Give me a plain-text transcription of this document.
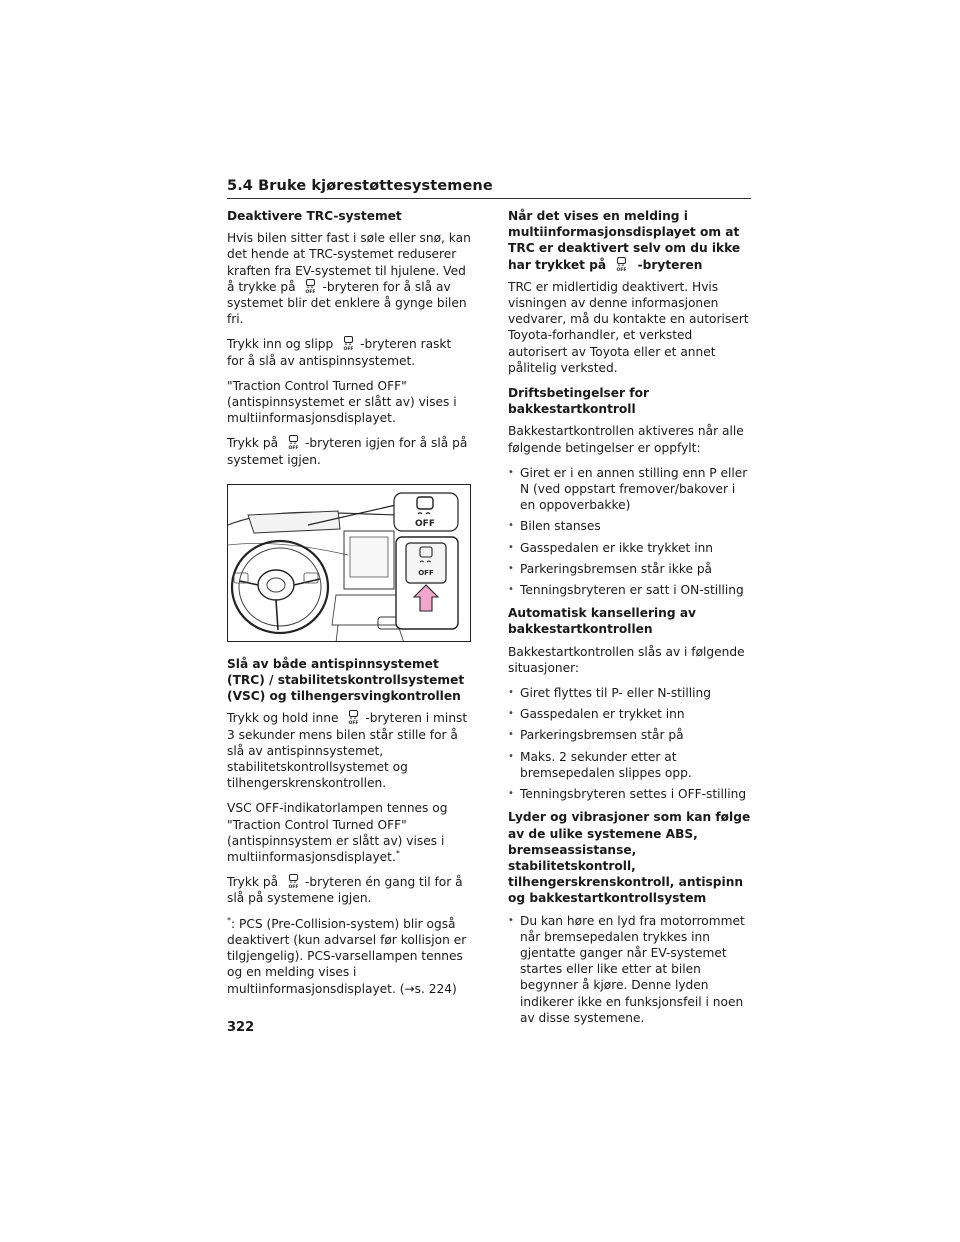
5.4 Bruke kjørestøttesystemene
Deaktivere TRC-systemet

Hvis bilen sitter fast i søle eller snø, kan det hende at TRC-systemet reduserer kraften fra EV-systemet til hjulene. Ved å trykke på OFF -bryteren for å slå av systemet blir det enklere å gynge bilen fri.

Trykk inn og slipp OFF -bryteren raskt for å slå av antispinnsystemet.

"Traction Control Turned OFF" (antispinnsystemet er slått av) vises i multiinformasjonsdisplayet.

Trykk på OFF -bryteren igjen for å slå på systemet igjen.

OFF
OFF
Slå av både antispinnsystemet (TRC) / stabilitetskontrollsystemet (VSC) og tilhengersvingkontrollen

Trykk og hold inne OFF -bryteren i minst 3 sekunder mens bilen står stille for å slå av antispinnsystemet, stabilitetskontrollsystemet og tilhengerskrenskontrollen.

VSC OFF-indikatorlampen tennes og "Traction Control Turned OFF" (antispinnsystem er slått av) vises i multiinformasjonsdisplayet.*

Trykk på OFF -bryteren én gang til for å slå på systemene igjen.

*: PCS (Pre-Collision-system) blir også deaktivert (kun advarsel før kollisjon er tilgjengelig). PCS-varsellampen tennes og en melding vises i multiinformasjonsdisplayet. (→s. 224)

Når det vises en melding i multiinformasjonsdisplayet om at TRC er deaktivert selv om du ikke har trykket på OFF -bryteren

TRC er midlertidig deaktivert. Hvis visningen av denne informasjonen vedvarer, må du kontakte en autorisert Toyota-forhandler, et verksted autorisert av Toyota eller et annet pålitelig verksted.

Driftsbetingelser for bakkestartkontroll

Bakkestartkontrollen aktiveres når alle følgende betingelser er oppfylt:

• Giret er i en annen stilling enn P eller N (ved oppstart fremover/bakover i en oppoverbakke)
• Bilen stanses
• Gasspedalen er ikke trykket inn
• Parkeringsbremsen står ikke på
• Tenningsbryteren er satt i ON-stilling
Automatisk kansellering av bakkestartkontrollen

Bakkestartkontrollen slås av i følgende situasjoner:

• Giret flyttes til P- eller N-stilling
• Gasspedalen er trykket inn
• Parkeringsbremsen står på
• Maks. 2 sekunder etter at bremsepedalen slippes opp.
• Tenningsbryteren settes i OFF-stilling
Lyder og vibrasjoner som kan følge av de ulike systemene ABS, bremseassistanse, stabilitetskontroll, tilhengerskrenskontroll, antispinn og bakkestartkontrollsystem
• Du kan høre en lyd fra motorrommet når bremsepedalen trykkes inn gjentatte ganger når EV-systemet startes eller like etter at bilen begynner å kjøre. Denne lyden indikerer ikke en funksjonsfeil i noen av disse systemene.
322
